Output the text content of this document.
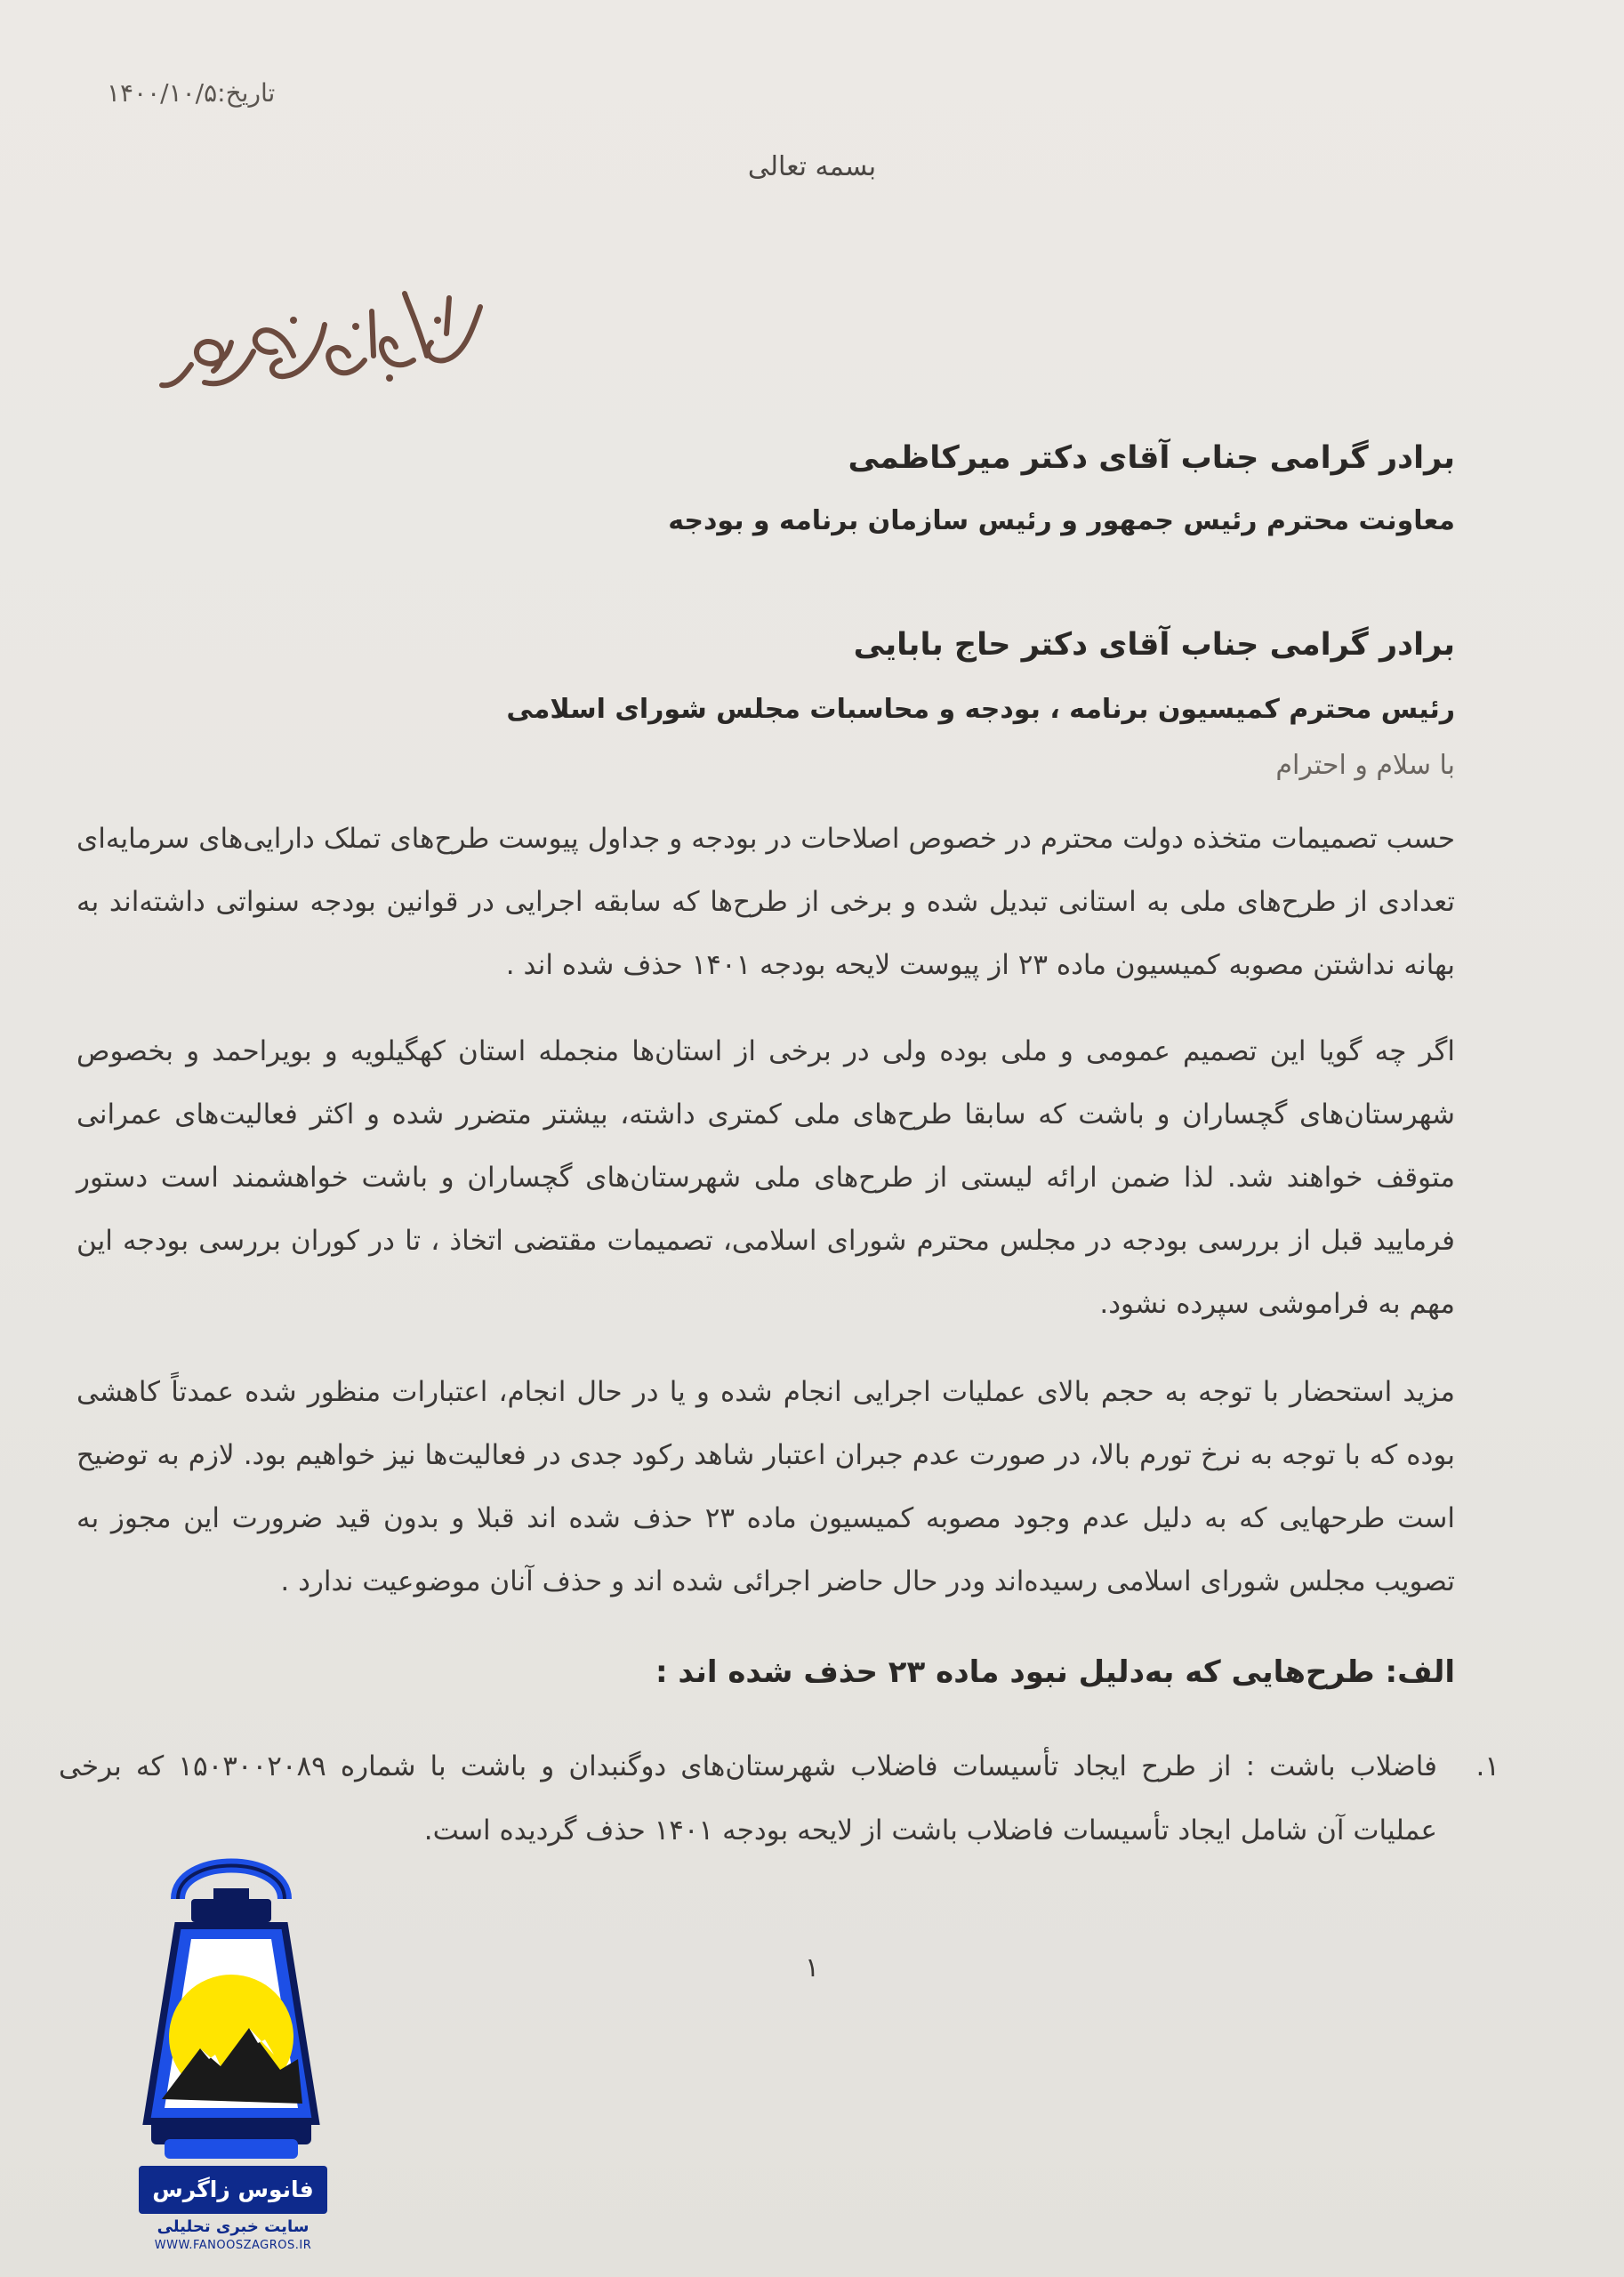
تاریخ:۱۴۰۰/۱۰/۵
بسمه تعالی
برادر گرامی جناب آقای دکتر میرکاظمی
معاونت محترم رئیس جمهور و رئیس سازمان برنامه و بودجه
برادر گرامی جناب آقای دکتر حاج بابایی
رئیس محترم کمیسیون برنامه ، بودجه و محاسبات مجلس شورای اسلامی
با سلام و احترام
حسب تصمیمات متخذه دولت محترم در خصوص اصلاحات در بودجه و جداول پیوست طرح‌های تملک دارایی‌های سرمایه‌ای تعدادی از طرح‌های ملی به استانی تبدیل شده و برخی از طرح‌ها که سابقه اجرایی در قوانین بودجه سنواتی داشته‌اند به بهانه نداشتن مصوبه کمیسیون ماده ۲۳ از پیوست لایحه بودجه ۱۴۰۱ حذف شده اند .
اگر چه گویا این تصمیم عمومی و ملی بوده ولی در برخی از استان‌ها منجمله استان کهگیلویه و بویراحمد و بخصوص شهرستان‌های گچساران و باشت که سابقا طرح‌های ملی کمتری داشته، بیشتر متضرر شده و اکثر فعالیت‌های عمرانی متوقف خواهند شد. لذا ضمن ارائه لیستی از طرح‌های ملی شهرستان‌های گچساران و باشت خواهشمند است دستور فرمایید قبل از بررسی بودجه در مجلس محترم شورای اسلامی، تصمیمات مقتضی اتخاذ ، تا در کوران بررسی بودجه این مهم به فراموشی سپرده نشود.
مزید استحضار با توجه به حجم بالای عملیات اجرایی انجام شده و یا در حال انجام، اعتبارات منظور شده عمدتاً کاهشی بوده که با توجه به نرخ تورم بالا، در صورت عدم جبران اعتبار شاهد رکود جدی در فعالیت‌ها نیز خواهیم بود. لازم به توضیح است طرحهایی که به دلیل عدم وجود مصوبه کمیسیون ماده ۲۳ حذف شده اند قبلا و بدون قید ضرورت این مجوز به تصویب مجلس شورای اسلامی رسیده‌اند ودر حال حاضر اجرائی شده اند و حذف آنان موضوعیت ندارد .
الف: طرح‌هایی که به‌دلیل نبود ماده ۲۳ حذف شده اند :
۱.
فاضلاب باشت : از طرح ایجاد تأسیسات فاضلاب شهرستان‌های دوگنبدان و باشت با شماره ۱۵۰۳۰۰۲۰۸۹ که برخی عملیات آن شامل ایجاد تأسیسات فاضلاب باشت از لایحه بودجه ۱۴۰۱ حذف گردیده است.
۱
فانوس زاگرس
سایت خبری تحلیلی
WWW.FANOOSZAGROS.IR
